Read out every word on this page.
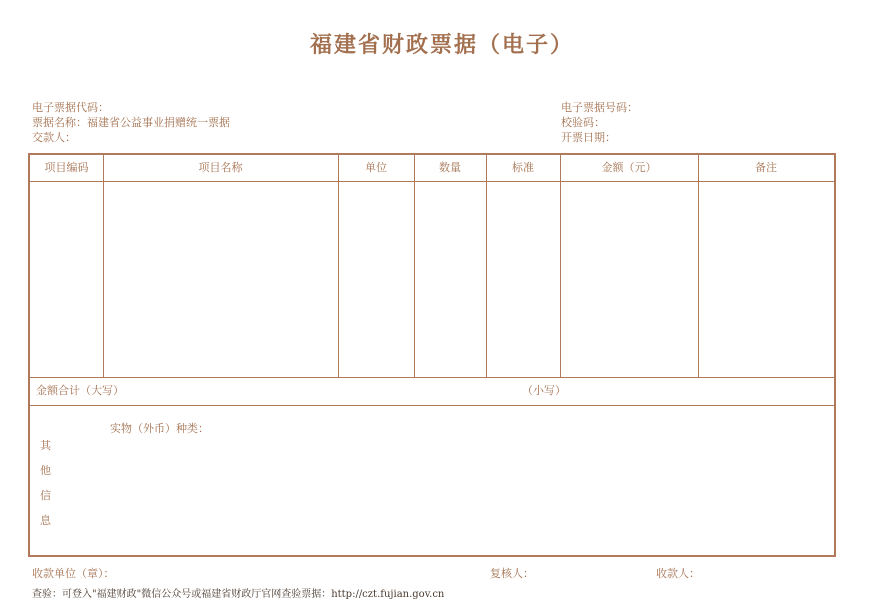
福建省财政票据（电子）
电子票据代码：
票据名称：福建省公益事业捐赠统一票据
交款人：
电子票据号码：
校验码：
开票日期：
项目编码	项目名称	单位	数量	标准	金额（元）	备注
金额合计（大写）	（小写）
实物（外币）种类：
其
他
信
息
收款单位（章）：	复核人：	收款人：
查验：可登入"福建财政"微信公众号或福建省财政厅官网查验票据：http://czt.fujian.gov.cn
